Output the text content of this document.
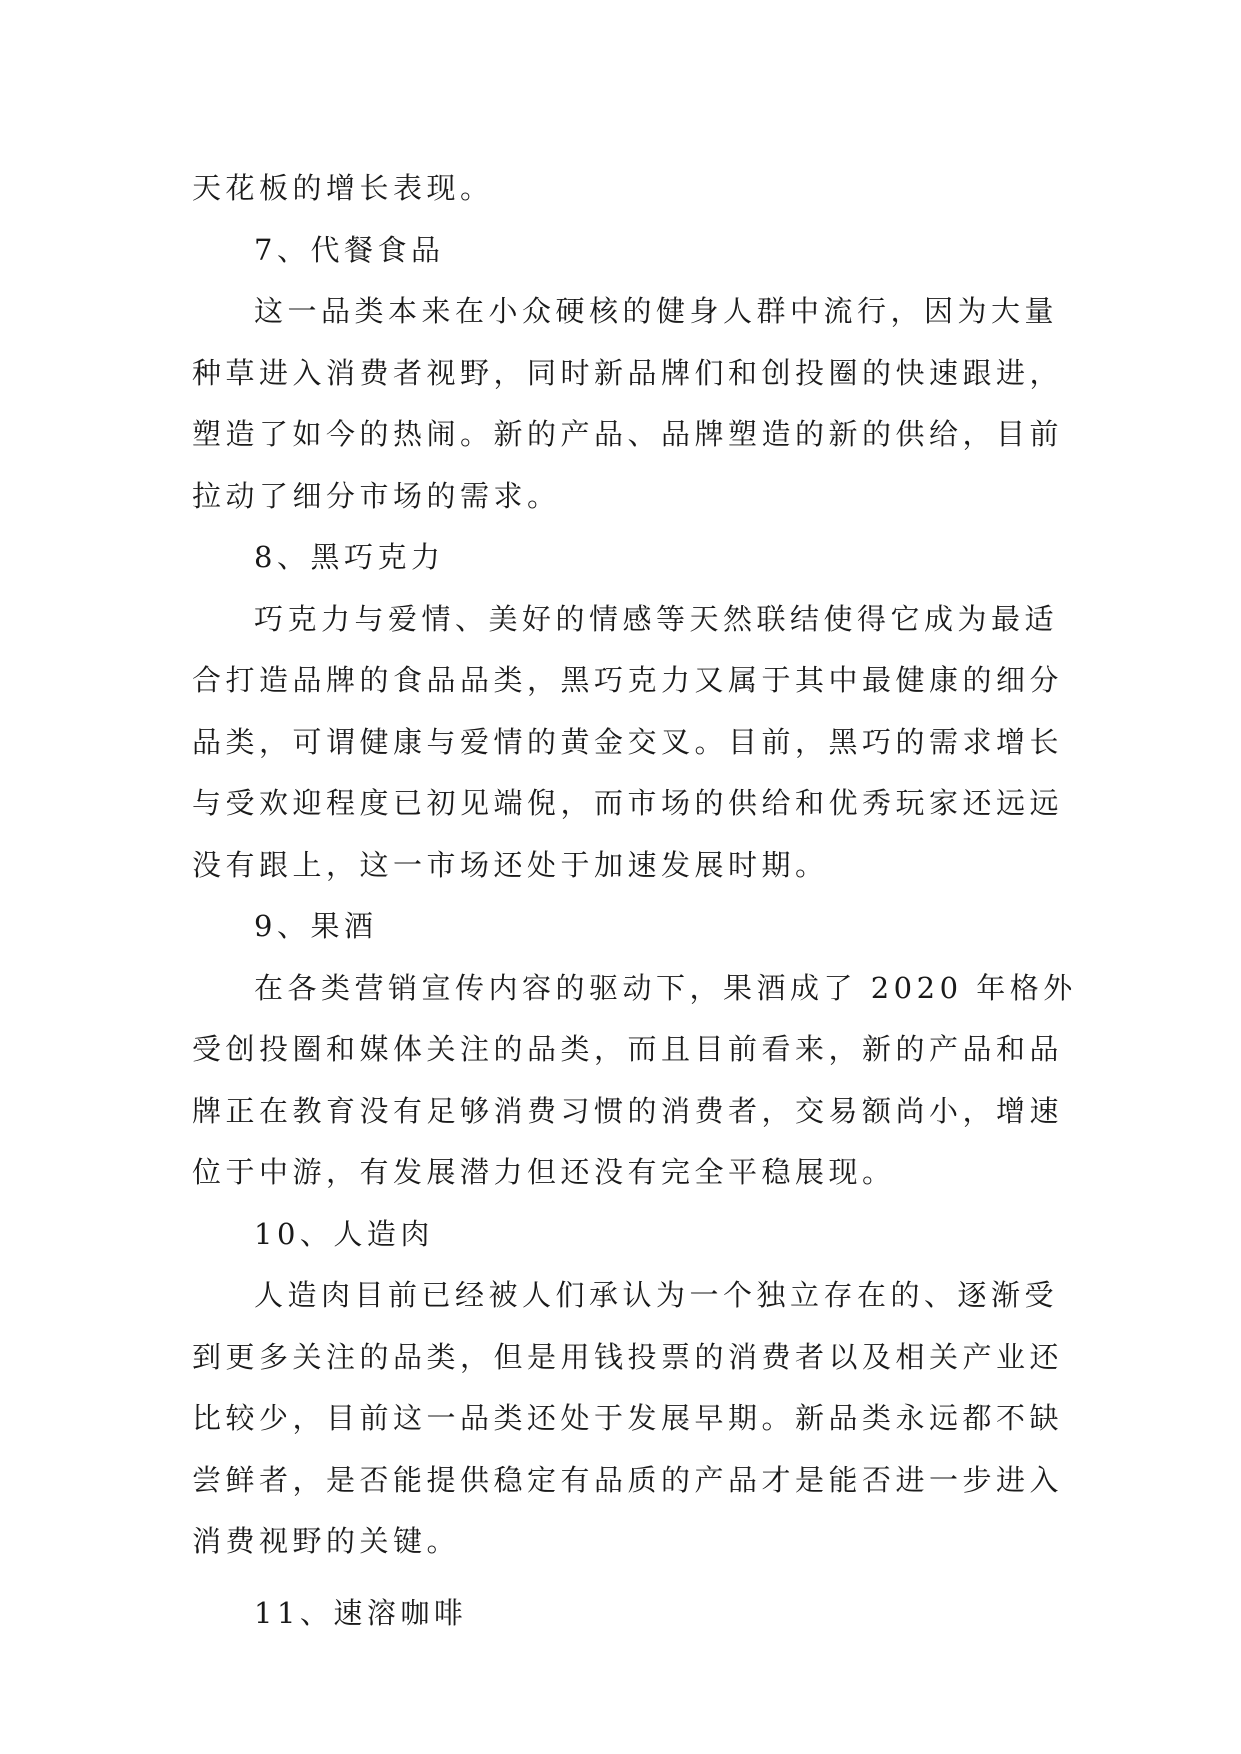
天花板的增长表现。
7、代餐食品
这一品类本来在小众硬核的健身人群中流行，因为大量
种草进入消费者视野，同时新品牌们和创投圈的快速跟进，
塑造了如今的热闹。新的产品、品牌塑造的新的供给，目前
拉动了细分市场的需求。
8、黑巧克力
巧克力与爱情、美好的情感等天然联结使得它成为最适
合打造品牌的食品品类，黑巧克力又属于其中最健康的细分
品类，可谓健康与爱情的黄金交叉。目前，黑巧的需求增长
与受欢迎程度已初见端倪，而市场的供给和优秀玩家还远远
没有跟上，这一市场还处于加速发展时期。
9、果酒
在各类营销宣传内容的驱动下，果酒成了 2020 年格外
受创投圈和媒体关注的品类，而且目前看来，新的产品和品
牌正在教育没有足够消费习惯的消费者，交易额尚小，增速
位于中游，有发展潜力但还没有完全平稳展现。
10、人造肉
人造肉目前已经被人们承认为一个独立存在的、逐渐受
到更多关注的品类，但是用钱投票的消费者以及相关产业还
比较少，目前这一品类还处于发展早期。新品类永远都不缺
尝鲜者，是否能提供稳定有品质的产品才是能否进一步进入
消费视野的关键。
11、速溶咖啡
